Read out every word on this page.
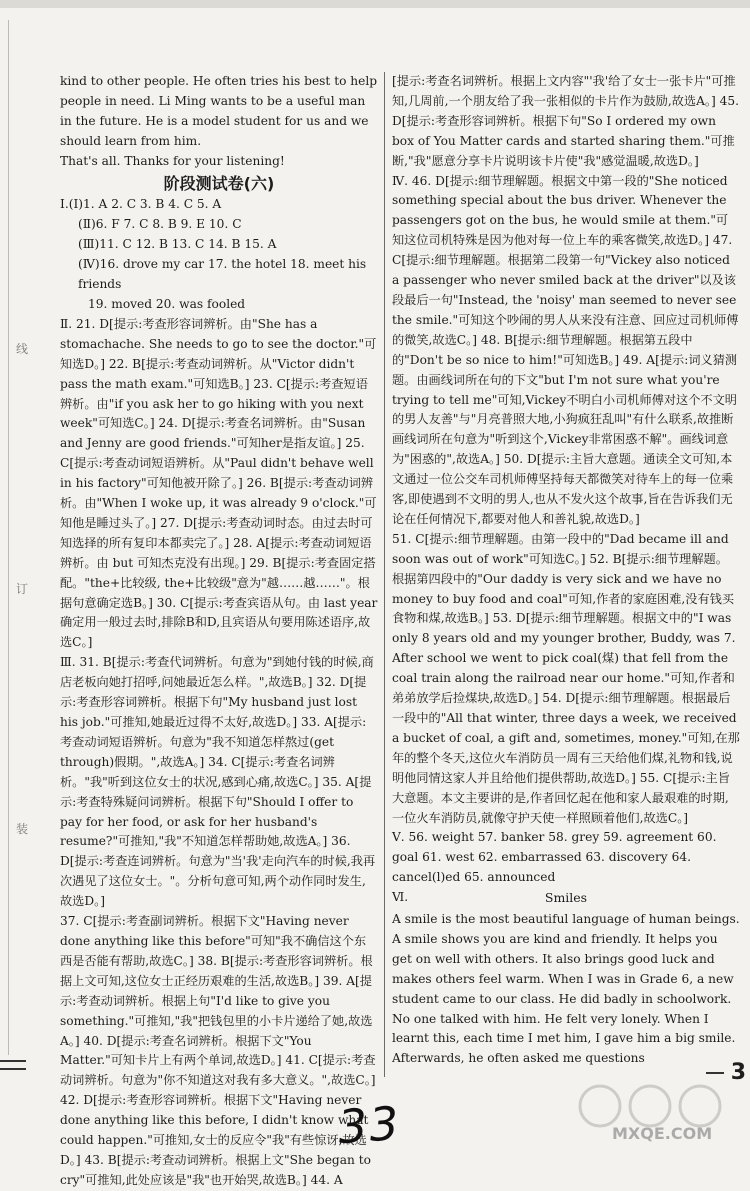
线
订
装

kind to other people. He often tries his best to help people in need. Li Ming wants to be a useful man in the future. He is a model student for us and we should learn from him.

That's all. Thanks for your listening!

阶段测试卷(六)

Ⅰ.(Ⅰ)1. A 2. C 3. B 4. C 5. A

(Ⅱ)6. F 7. C 8. B 9. E 10. C

(Ⅲ)11. C 12. B 13. C 14. B 15. A

(Ⅳ)16. drove my car 17. the hotel 18. meet his friends

19. moved 20. was fooled

Ⅱ. 21. D[提示:考查形容词辨析。由"She has a stomachache. She needs to go to see the doctor."可知选D。] 22. B[提示:考查动词辨析。从"Victor didn't pass the math exam."可知选B。] 23. C[提示:考查短语辨析。由"if you ask her to go hiking with you next week"可知选C。] 24. D[提示:考查名词辨析。由"Susan and Jenny are good friends."可知her是指友谊。] 25. C[提示:考查动词短语辨析。从"Paul didn't behave well in his factory"可知他被开除了。] 26. B[提示:考查动词辨析。由"When I woke up, it was already 9 o'clock."可知他是睡过头了。] 27. D[提示:考查动词时态。由过去时可知选择的所有复印本都卖完了。] 28. A[提示:考查动词短语辨析。由 but 可知杰克没有出现。] 29. B[提示:考查固定搭配。"the+比较级, the+比较级"意为"越……越……"。根据句意确定选B。] 30. C[提示:考查宾语从句。由 last year 确定用一般过去时,排除B和D,且宾语从句要用陈述语序,故选C。]

Ⅲ. 31. B[提示:考查代词辨析。句意为"到她付钱的时候,商店老板向她打招呼,问她最近怎么样。",故选B。] 32. D[提示:考查形容词辨析。根据下句"My husband just lost his job."可推知,她最近过得不太好,故选D。] 33. A[提示:考查动词短语辨析。句意为"我不知道怎样熬过(get through)假期。",故选A。] 34. C[提示:考查名词辨析。"我"听到这位女士的状况,感到心痛,故选C。] 35. A[提示:考查特殊疑问词辨析。根据下句"Should I offer to pay for her food, or ask for her husband's resume?"可推知,"我"不知道怎样帮助她,故选A。] 36. D[提示:考查连词辨析。句意为"当'我'走向汽车的时候,我再次遇见了这位女士。"。分析句意可知,两个动作同时发生,故选D。]

37. C[提示:考查副词辨析。根据下文"Having never done anything like this before"可知"我不确信这个东西是否能有帮助,故选C。] 38. B[提示:考查形容词辨析。根据上文可知,这位女士正经历艰难的生活,故选B。] 39. A[提示:考查动词辨析。根据上句"I'd like to give you something."可推知,"我"把钱包里的小卡片递给了她,故选A。] 40. D[提示:考查名词辨析。根据下文"You Matter."可知卡片上有两个单词,故选D。] 41. C[提示:考查动词辨析。句意为"你不知道这对我有多大意义。",故选C。] 42. D[提示:考查形容词辨析。根据下文"Having never done anything like this before, I didn't know what could happen."可推知,女士的反应令"我"有些惊讶,故选D。] 43. B[提示:考查动词辨析。根据上文"She began to cry"可推知,此处应该是"我"也开始哭,故选B。] 44. A

[提示:考查名词辨析。根据上文内容"'我'给了女士一张卡片"可推知,几周前,一个朋友给了我一张相似的卡片作为鼓励,故选A。] 45. D[提示:考查形容词辨析。根据下句"So I ordered my own box of You Matter cards and started sharing them."可推断,"我"愿意分享卡片说明该卡片使"我"感觉温暖,故选D。]

Ⅳ. 46. D[提示:细节理解题。根据文中第一段的"She noticed something special about the bus driver. Whenever the passengers got on the bus, he would smile at them."可知这位司机特殊是因为他对每一位上车的乘客微笑,故选D。] 47. C[提示:细节理解题。根据第二段第一句"Vickey also noticed a passenger who never smiled back at the driver"以及该段最后一句"Instead, the 'noisy' man seemed to never see the smile."可知这个吵闹的男人从来没有注意、回应过司机师傅的微笑,故选C。] 48. B[提示:细节理解题。根据第五段中的"Don't be so nice to him!"可知选B。] 49. A[提示:词义猜测题。由画线词所在句的下文"but I'm not sure what you're trying to tell me"可知,Vickey不明白小司机师傅对这个不文明的男人友善"与"月亮普照大地,小狗疯狂乱叫"有什么联系,故推断画线词所在句意为"听到这个,Vickey非常困惑不解"。画线词意为"困惑的",故选A。] 50. D[提示:主旨大意题。通读全文可知,本文通过一位公交车司机师傅坚持每天都微笑对待车上的每一位乘客,即使遇到不文明的男人,也从不发火这个故事,旨在告诉我们无论在任何情况下,都要对他人和善礼貌,故选D。]

51. C[提示:细节理解题。由第一段中的"Dad became ill and soon was out of work"可知选C。] 52. B[提示:细节理解题。根据第四段中的"Our daddy is very sick and we have no money to buy food and coal"可知,作者的家庭困难,没有钱买食物和煤,故选B。] 53. D[提示:细节理解题。根据文中的"I was only 8 years old and my younger brother, Buddy, was 7. After school we went to pick coal(煤) that fell from the coal train along the railroad near our home."可知,作者和弟弟放学后捡煤块,故选D。] 54. D[提示:细节理解题。根据最后一段中的"All that winter, three days a week, we received a bucket of coal, a gift and, sometimes, money."可知,在那年的整个冬天,这位火车消防员一周有三天给他们煤,礼物和钱,说明他同情这家人并且给他们提供帮助,故选D。] 55. C[提示:主旨大意题。本文主要讲的是,作者回忆起在他和家人最艰难的时期,一位火车消防员,就像守护天使一样照顾着他们,故选C。]

Ⅴ. 56. weight 57. banker 58. grey 59. agreement 60. goal 61. west 62. embarrassed 63. discovery 64. cancel(l)ed 65. announced

Ⅵ.	Smiles

A smile is the most beautiful language of human beings. A smile shows you are kind and friendly. It helps you get on well with others. It also brings good luck and makes others feel warm. When I was in Grade 6, a new student came to our class. He did badly in schoolwork. No one talked with him. He felt very lonely. When I learnt this, each time I met him, I gave him a big smile. Afterwards, he often asked me questions

3
33	MXQE.COM
